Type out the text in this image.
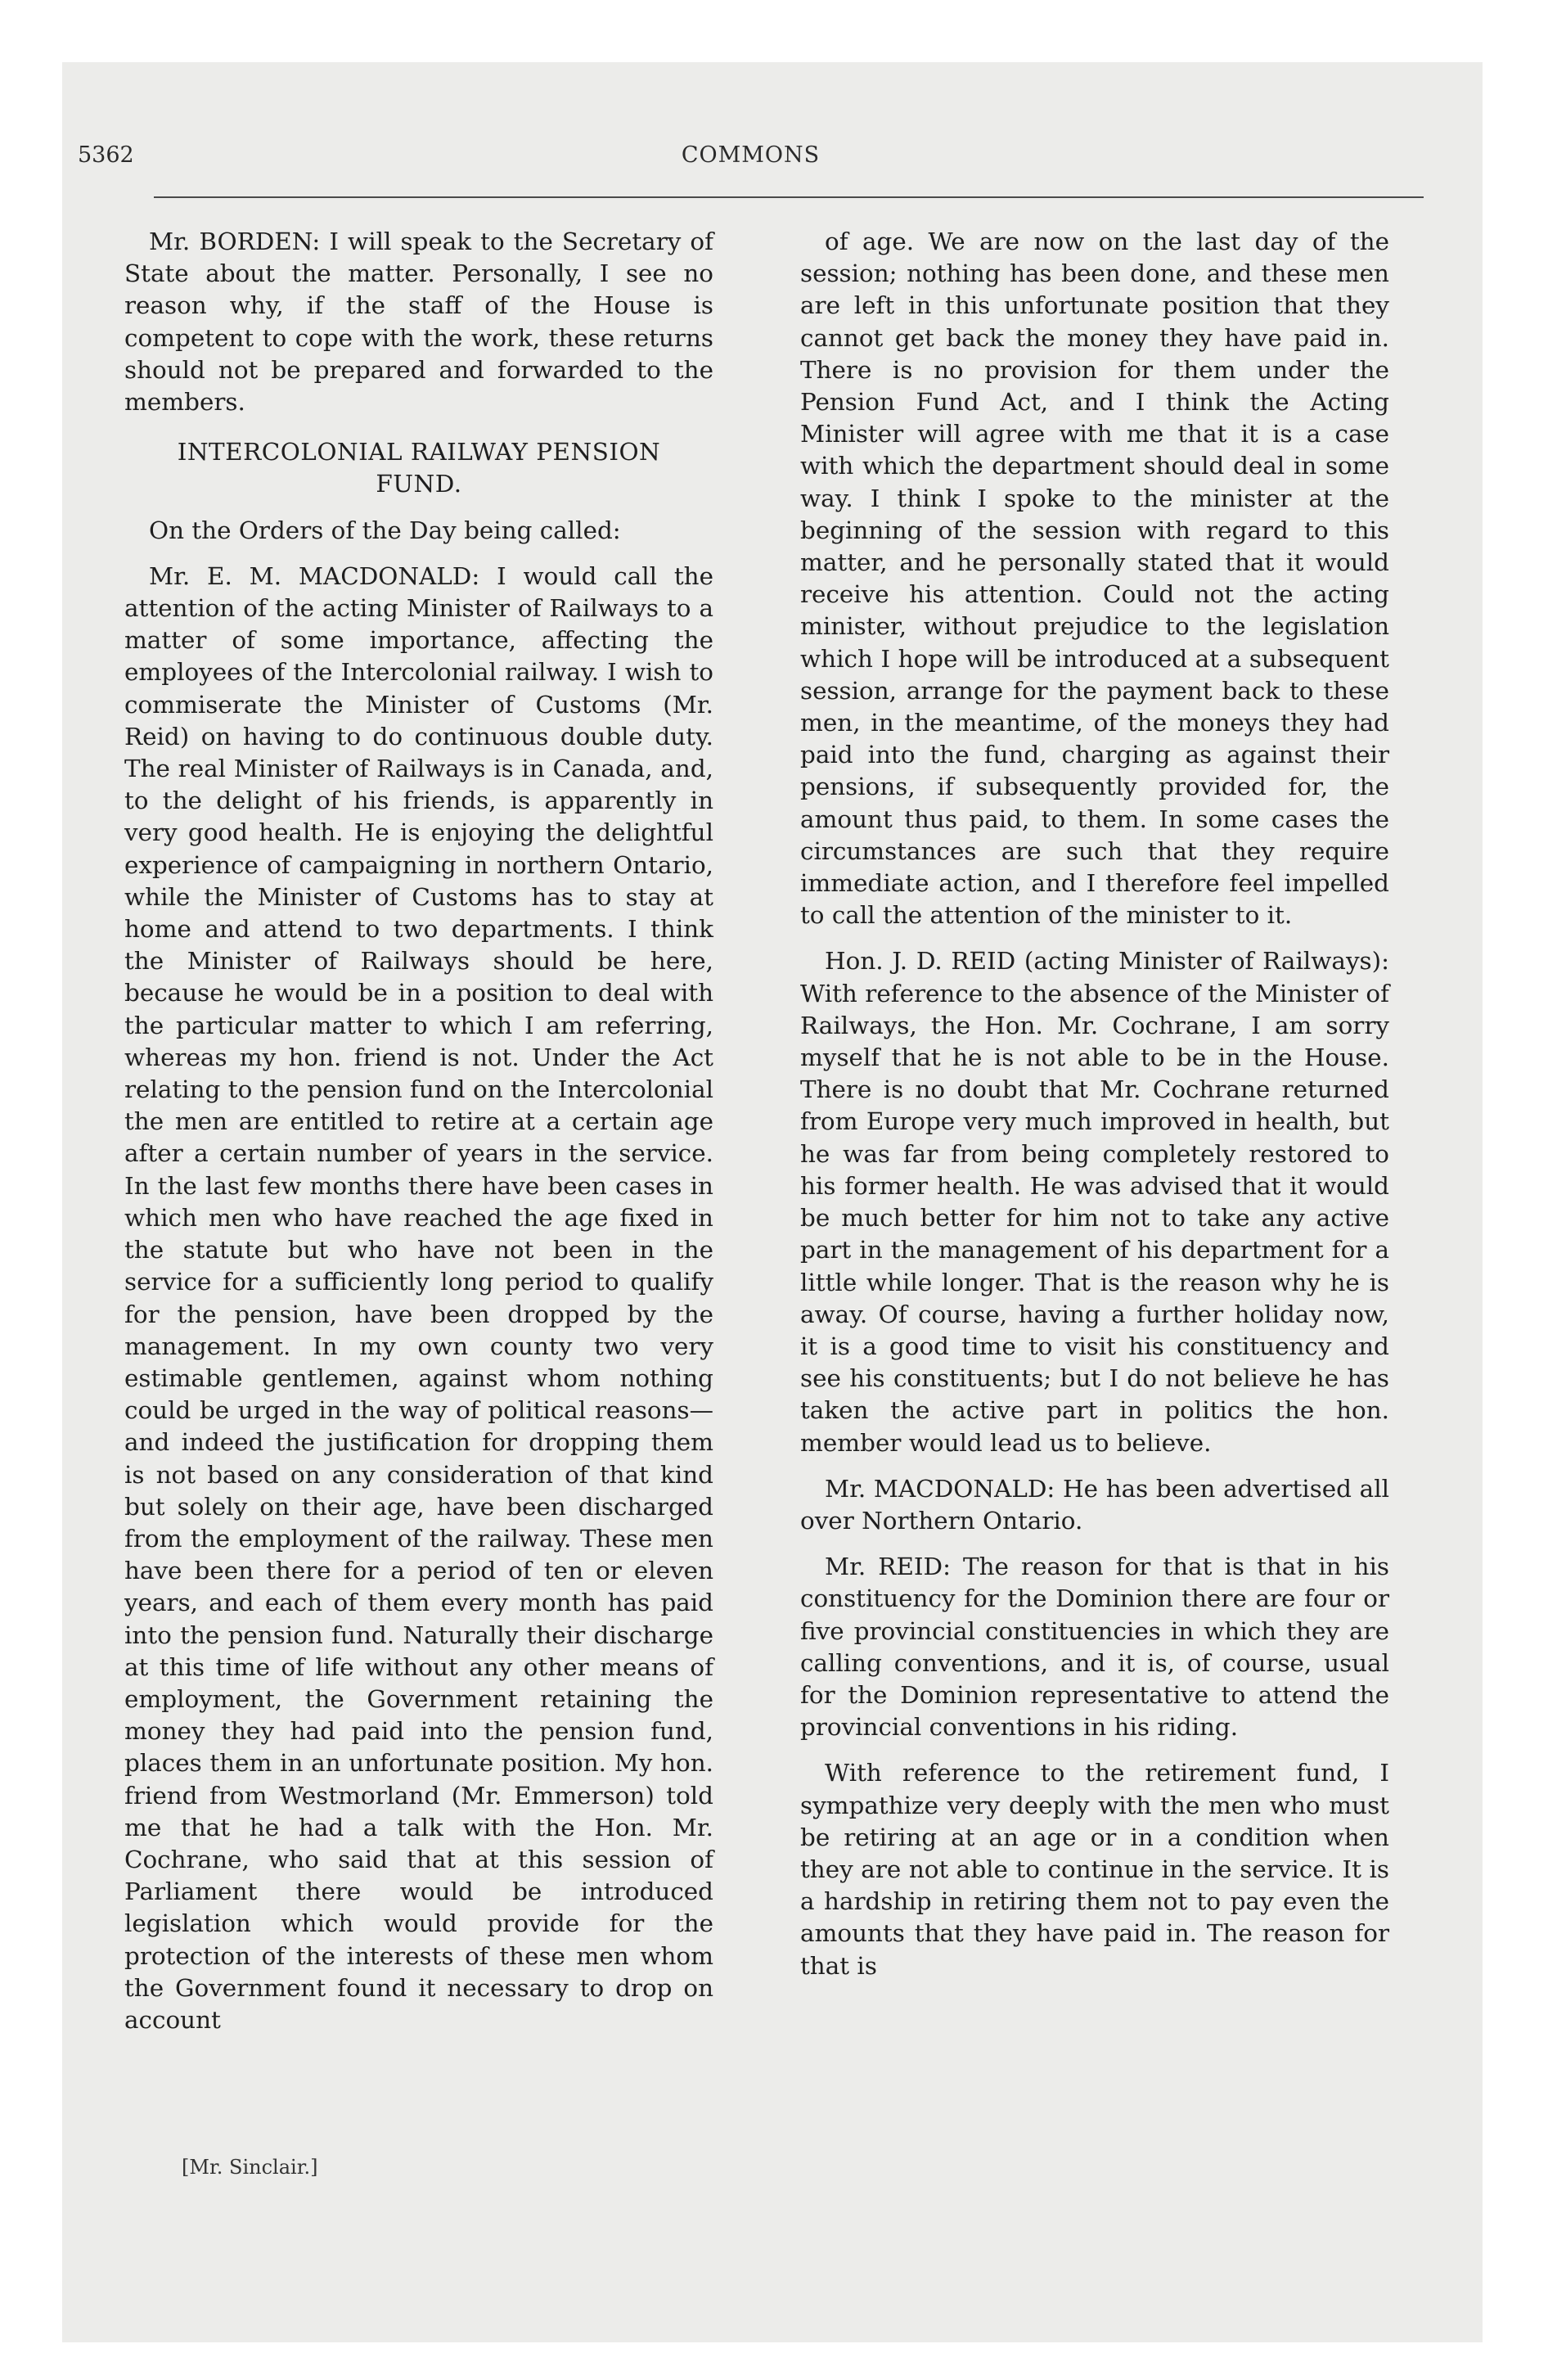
5362	COMMONS

Mr. BORDEN: I will speak to the Secretary of State about the matter. Personally, I see no reason why, if the staff of the House is competent to cope with the work, these returns should not be prepared and forwarded to the members.

INTERCOLONIAL RAILWAY PENSION FUND.

On the Orders of the Day being called:

Mr. E. M. MACDONALD: I would call the attention of the acting Minister of Railways to a matter of some importance, affecting the employees of the Intercolonial railway. I wish to commiserate the Minister of Customs (Mr. Reid) on having to do continuous double duty. The real Minister of Railways is in Canada, and, to the delight of his friends, is apparently in very good health. He is enjoying the delightful experience of campaigning in northern Ontario, while the Minister of Customs has to stay at home and attend to two departments. I think the Minister of Railways should be here, because he would be in a position to deal with the particular matter to which I am referring, whereas my hon. friend is not. Under the Act relating to the pension fund on the Intercolonial the men are entitled to retire at a certain age after a certain number of years in the service. In the last few months there have been cases in which men who have reached the age fixed in the statute but who have not been in the service for a sufficiently long period to qualify for the pension, have been dropped by the management. In my own county two very estimable gentlemen, against whom nothing could be urged in the way of political reasons—and indeed the justification for dropping them is not based on any consideration of that kind but solely on their age, have been discharged from the employment of the railway. These men have been there for a period of ten or eleven years, and each of them every month has paid into the pension fund. Naturally their discharge at this time of life without any other means of employment, the Government retaining the money they had paid into the pension fund, places them in an unfortunate position. My hon. friend from Westmorland (Mr. Emmerson) told me that he had a talk with the Hon. Mr. Cochrane, who said that at this session of Parliament there would be introduced legislation which would provide for the protection of the interests of these men whom the Government found it necessary to drop on account

of age. We are now on the last day of the session; nothing has been done, and these men are left in this unfortunate position that they cannot get back the money they have paid in. There is no provision for them under the Pension Fund Act, and I think the Acting Minister will agree with me that it is a case with which the department should deal in some way. I think I spoke to the minister at the beginning of the session with regard to this matter, and he personally stated that it would receive his attention. Could not the acting minister, without prejudice to the legislation which I hope will be introduced at a subsequent session, arrange for the payment back to these men, in the meantime, of the moneys they had paid into the fund, charging as against their pensions, if subsequently provided for, the amount thus paid, to them. In some cases the circumstances are such that they require immediate action, and I therefore feel impelled to call the attention of the minister to it.

Hon. J. D. REID (acting Minister of Railways): With reference to the absence of the Minister of Railways, the Hon. Mr. Cochrane, I am sorry myself that he is not able to be in the House. There is no doubt that Mr. Cochrane returned from Europe very much improved in health, but he was far from being completely restored to his former health. He was advised that it would be much better for him not to take any active part in the management of his department for a little while longer. That is the reason why he is away. Of course, having a further holiday now, it is a good time to visit his constituency and see his constituents; but I do not believe he has taken the active part in politics the hon. member would lead us to believe.

Mr. MACDONALD: He has been advertised all over Northern Ontario.

Mr. REID: The reason for that is that in his constituency for the Dominion there are four or five provincial constituencies in which they are calling conventions, and it is, of course, usual for the Dominion representative to attend the provincial conventions in his riding.

With reference to the retirement fund, I sympathize very deeply with the men who must be retiring at an age or in a condition when they are not able to continue in the service. It is a hardship in retiring them not to pay even the amounts that they have paid in. The reason for that is

[Mr. Sinclair.]
